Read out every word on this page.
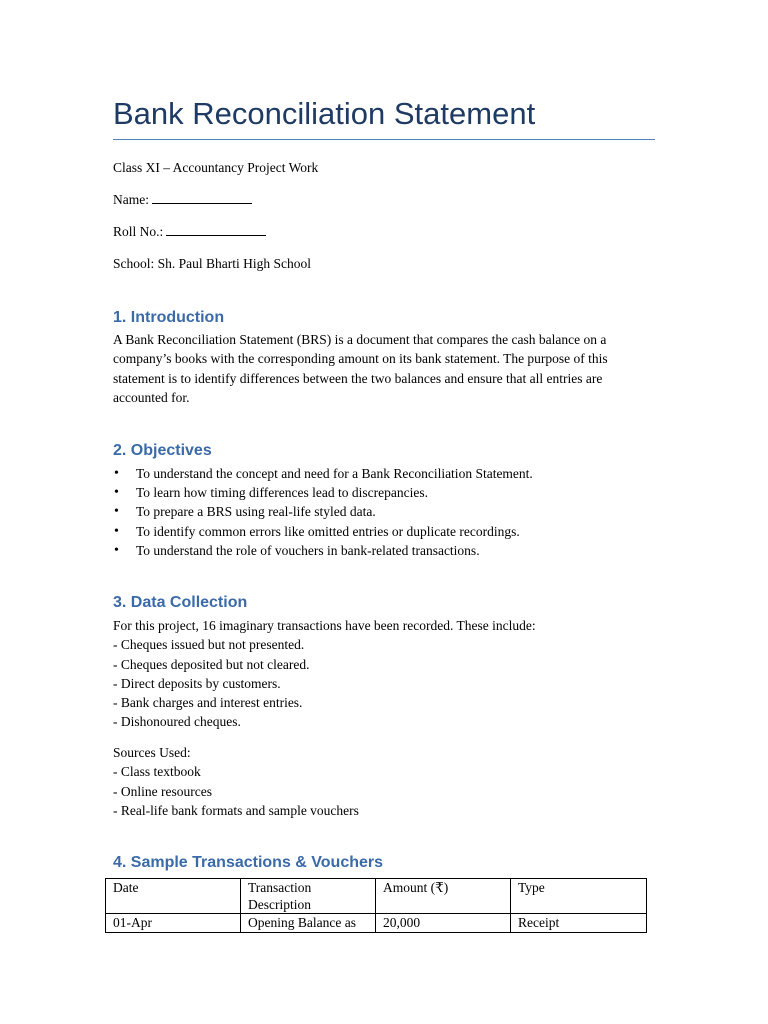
Bank Reconciliation Statement

Class XI – Accountancy Project Work

Name:

Roll No.:

School: Sh. Paul Bharti High School

1. Introduction

A Bank Reconciliation Statement (BRS) is a document that compares the cash balance on a company’s books with the corresponding amount on its bank statement. The purpose of this statement is to identify differences between the two balances and ensure that all entries are accounted for.

2. Objectives
• To understand the concept and need for a Bank Reconciliation Statement.
• To learn how timing differences lead to discrepancies.
• To prepare a BRS using real-life styled data.
• To identify common errors like omitted entries or duplicate recordings.
• To understand the role of vouchers in bank-related transactions.
3. Data Collection
For this project, 16 imaginary transactions have been recorded. These include:
- Cheques issued but not presented.
- Cheques deposited but not cleared.
- Direct deposits by customers.
- Bank charges and interest entries.
- Dishonoured cheques.
Sources Used:
- Class textbook
- Online resources
- Real-life bank formats and sample vouchers
4. Sample Transactions & Vouchers
Date	Transaction Description	Amount (₹)	Type
01-Apr	Opening Balance as	20,000	Receipt
